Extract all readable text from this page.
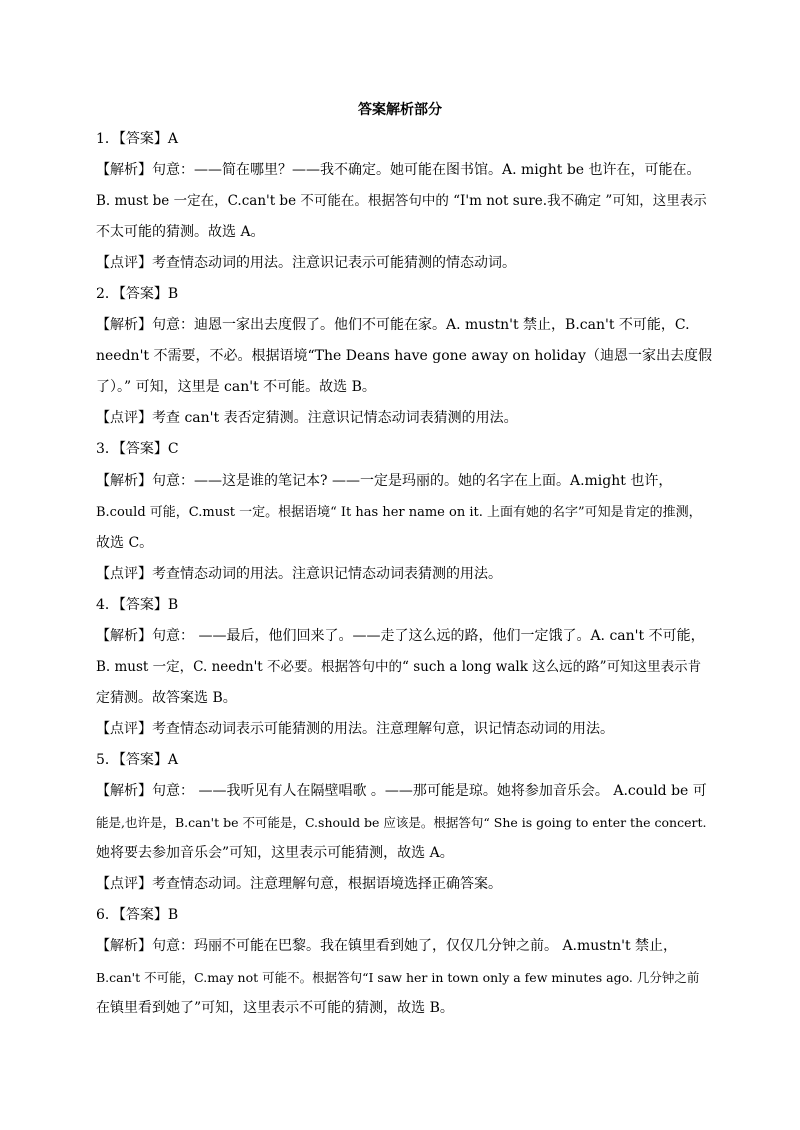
答案解析部分
1．【答案】A
【解析】句意：——简在哪里？——我不确定。她可能在图书馆。A. might be 也许在，可能在。
B. must be 一定在，C.can't be 不可能在。根据答句中的 “I'm not sure.我不确定 ”可知，这里表示
不太可能的猜测。故选 A。
【点评】考查情态动词的用法。注意识记表示可能猜测的情态动词。
2．【答案】B
【解析】句意：迪恩一家出去度假了。他们不可能在家。A. mustn't 禁止，B.can't 不可能，C.
needn't 不需要，不必。根据语境“The Deans have gone away on holiday（迪恩一家出去度假
了）。” 可知，这里是 can't 不可能。故选 B。
【点评】考查 can't 表否定猜测。注意识记情态动词表猜测的用法。
3．【答案】C
【解析】句意：——这是谁的笔记本? ——一定是玛丽的。她的名字在上面。A.might 也许，
B.could 可能，C.must 一定。根据语境“ It has her name on it. 上面有她的名字”可知是肯定的推测，
故选 C。
【点评】考查情态动词的用法。注意识记情态动词表猜测的用法。
4．【答案】B
【解析】句意： ——最后，他们回来了。——走了这么远的路，他们一定饿了。A. can't 不可能，
B. must 一定，C. needn't 不必要。根据答句中的“ such a long walk 这么远的路”可知这里表示肯
定猜测。故答案选 B。
【点评】考查情态动词表示可能猜测的用法。注意理解句意，识记情态动词的用法。
5．【答案】A
【解析】句意： ——我听见有人在隔壁唱歌 。——那可能是琼。她将参加音乐会。 A.could be 可
能是,也许是，B.can't be 不可能是，C.should be 应该是。根据答句“ She is going to enter the concert.
她将要去参加音乐会”可知，这里表示可能猜测，故选 A。
【点评】考查情态动词。注意理解句意，根据语境选择正确答案。
6．【答案】B
【解析】句意：玛丽不可能在巴黎。我在镇里看到她了，仅仅几分钟之前。 A.mustn't 禁止，
B.can't 不可能，C.may not 可能不。根据答句“I saw her in town only a few minutes ago. 几分钟之前
在镇里看到她了”可知，这里表示不可能的猜测，故选 B。
